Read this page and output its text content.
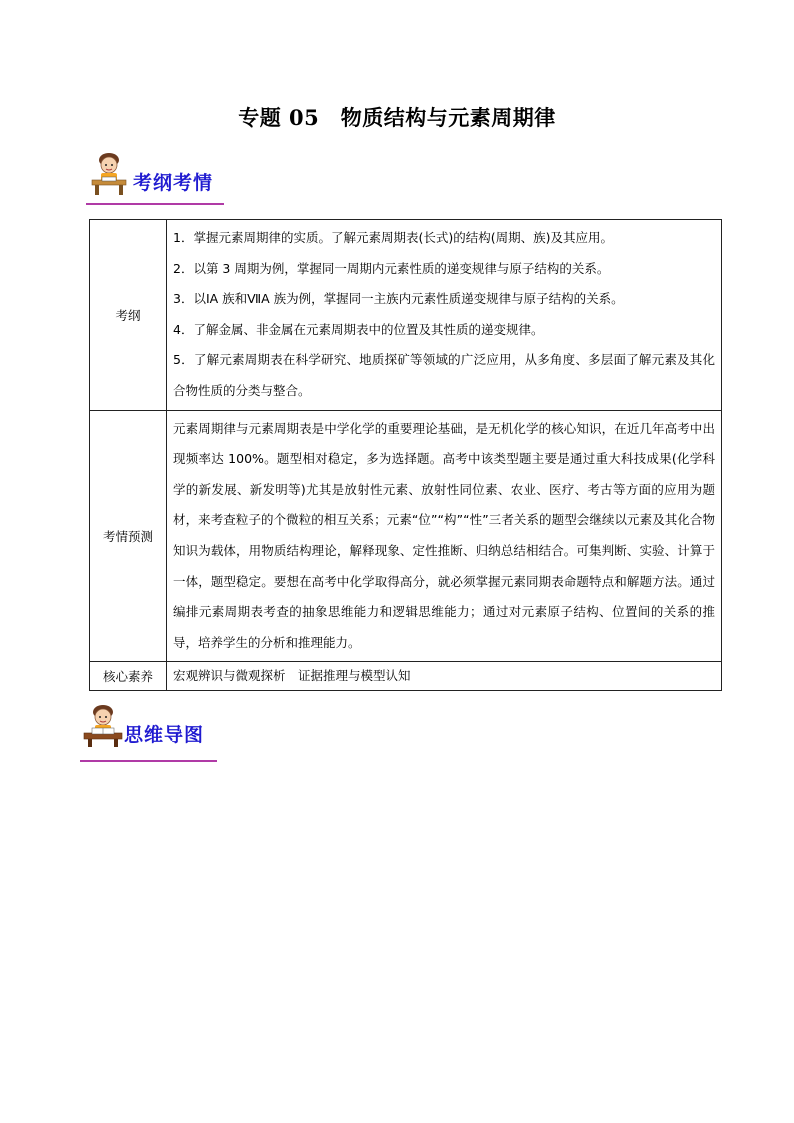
专题 05　物质结构与元素周期律
考纲考情
考纲	1．掌握元素周期律的实质。了解元素周期表(长式)的结构(周期、族)及其应用。
2．以第 3 周期为例，掌握同一周期内元素性质的递变规律与原子结构的关系。
3．以ⅠA 族和ⅦA 族为例，掌握同一主族内元素性质递变规律与原子结构的关系。
4．了解金属、非金属在元素周期表中的位置及其性质的递变规律。
5．了解元素周期表在科学研究、地质探矿等领域的广泛应用，从多角度、多层面了解元素及其化合物性质的分类与整合。

考情预测	元素周期律与元素周期表是中学化学的重要理论基础，是无机化学的核心知识，在近几年高考中出现频率达 100%。题型相对稳定，多为选择题。高考中该类型题主要是通过重大科技成果(化学科学的新发展、新发明等)尤其是放射性元素、放射性同位素、农业、医疗、考古等方面的应用为题材，来考查粒子的个微粒的相互关系；元素“位”“构”“性”三者关系的题型会继续以元素及其化合物知识为载体，用物质结构理论，解释现象、定性推断、归纳总结相结合。可集判断、实验、计算于一体，题型稳定。要想在高考中化学取得高分，就必须掌握元素同期表命题特点和解题方法。通过编排元素周期表考查的抽象思维能力和逻辑思维能力；通过对元素原子结构、位置间的关系的推导，培养学生的分析和推理能力。
核心素养	宏观辨识与微观探析　证据推理与模型认知
思维导图
